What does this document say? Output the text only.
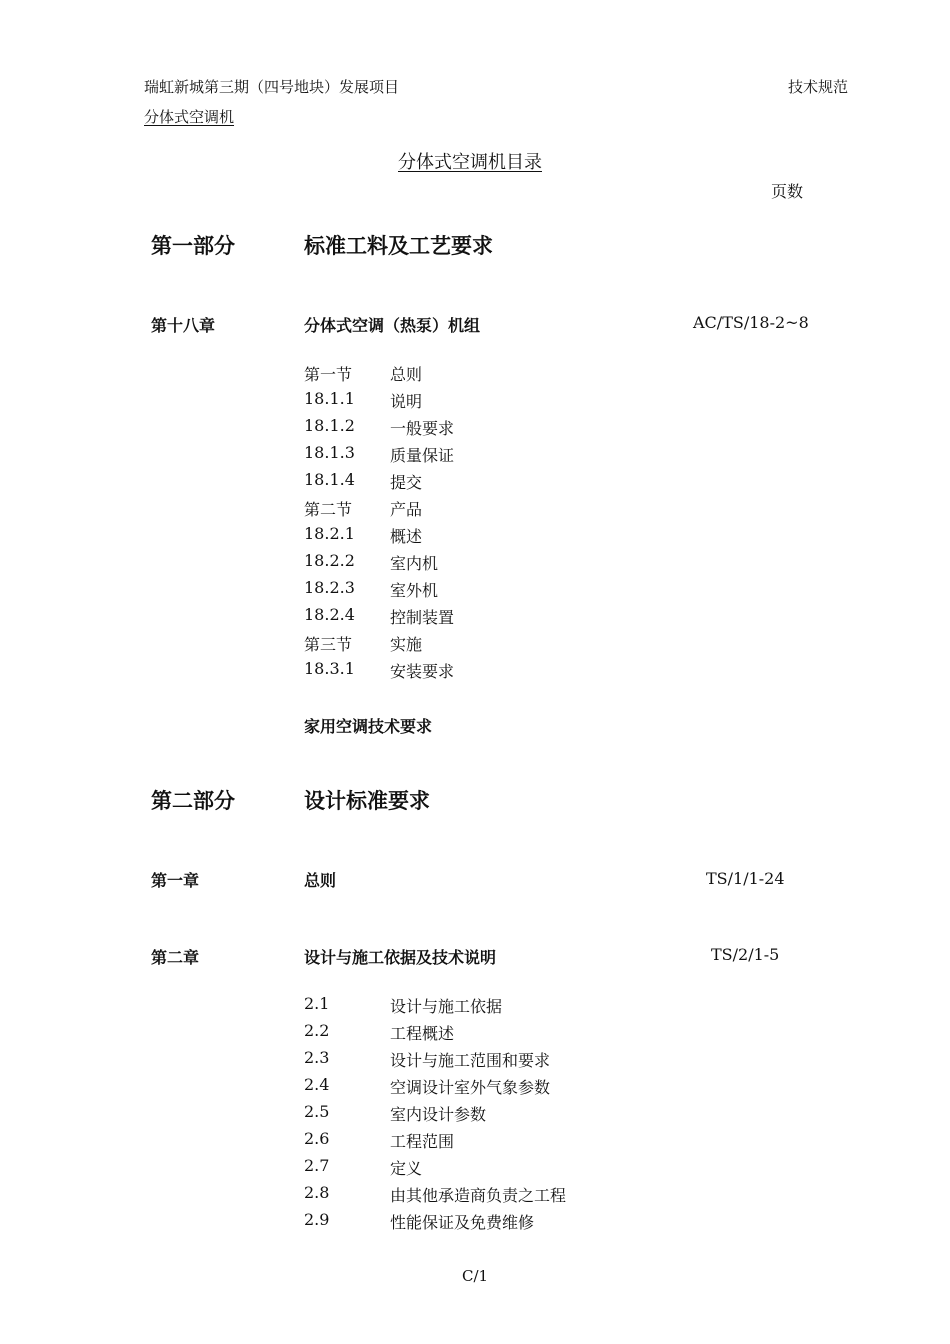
瑞虹新城第三期（四号地块）发展项目	技术规范
分体式空调机
分体式空调机目录
页数
第一部分	标准工料及工艺要求
第十八章	分体式空调（热泵）机组	AC/TS/18-2~8
第一节 总则
18.1.1 说明
18.1.2 一般要求
18.1.3 质量保证
18.1.4 提交
第二节 产品
18.2.1 概述
18.2.2 室内机
18.2.3 室外机
18.2.4 控制装置
第三节 实施
18.3.1 安装要求
家用空调技术要求
第二部分	设计标准要求
第一章	总则	TS/1/1-24
第二章	设计与施工依据及技术说明	TS/2/1-5
2.1	设计与施工依据
2.2	工程概述
2.3	设计与施工范围和要求
2.4	空调设计室外气象参数
2.5	室内设计参数
2.6	工程范围
2.7	定义
2.8	由其他承造商负责之工程
2.9	性能保证及免费维修
C/1
